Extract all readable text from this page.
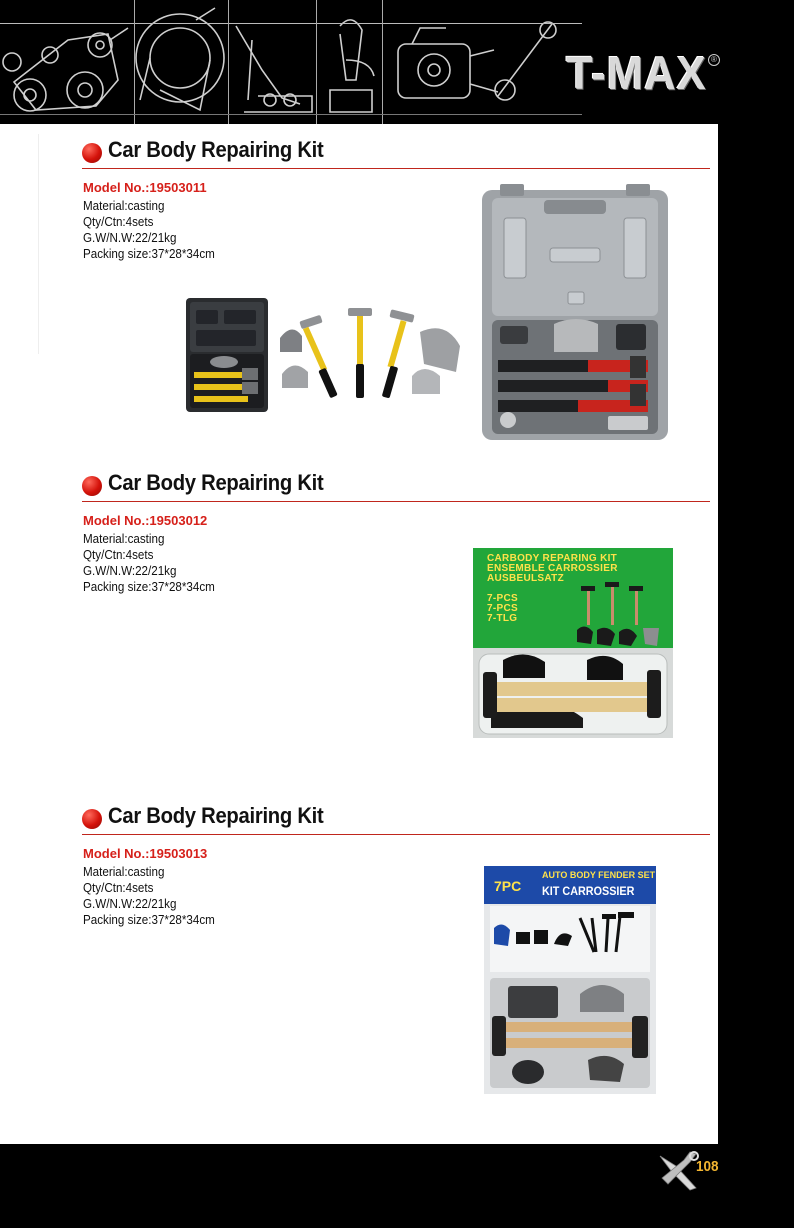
T-MAX ®
Car Body Repairing Kit
Model No.:19503011
Material:casting
Qty/Ctn:4sets
G.W/N.W:22/21kg
Packing size:37*28*34cm
Car Body Repairing Kit
Model No.:19503012
Material:casting
Qty/Ctn:4sets
G.W/N.W:22/21kg
Packing size:37*28*34cm
CARBODY REPARING KIT
ENSEMBLE CARROSSIER
AUSBEULSATZ
7-PCS
7-PCS
7-TLG
Car Body Repairing Kit
Model No.:19503013
Material:casting
Qty/Ctn:4sets
G.W/N.W:22/21kg
Packing size:37*28*34cm
7PC
AUTO BODY FENDER SET
KIT CARROSSIER
108
